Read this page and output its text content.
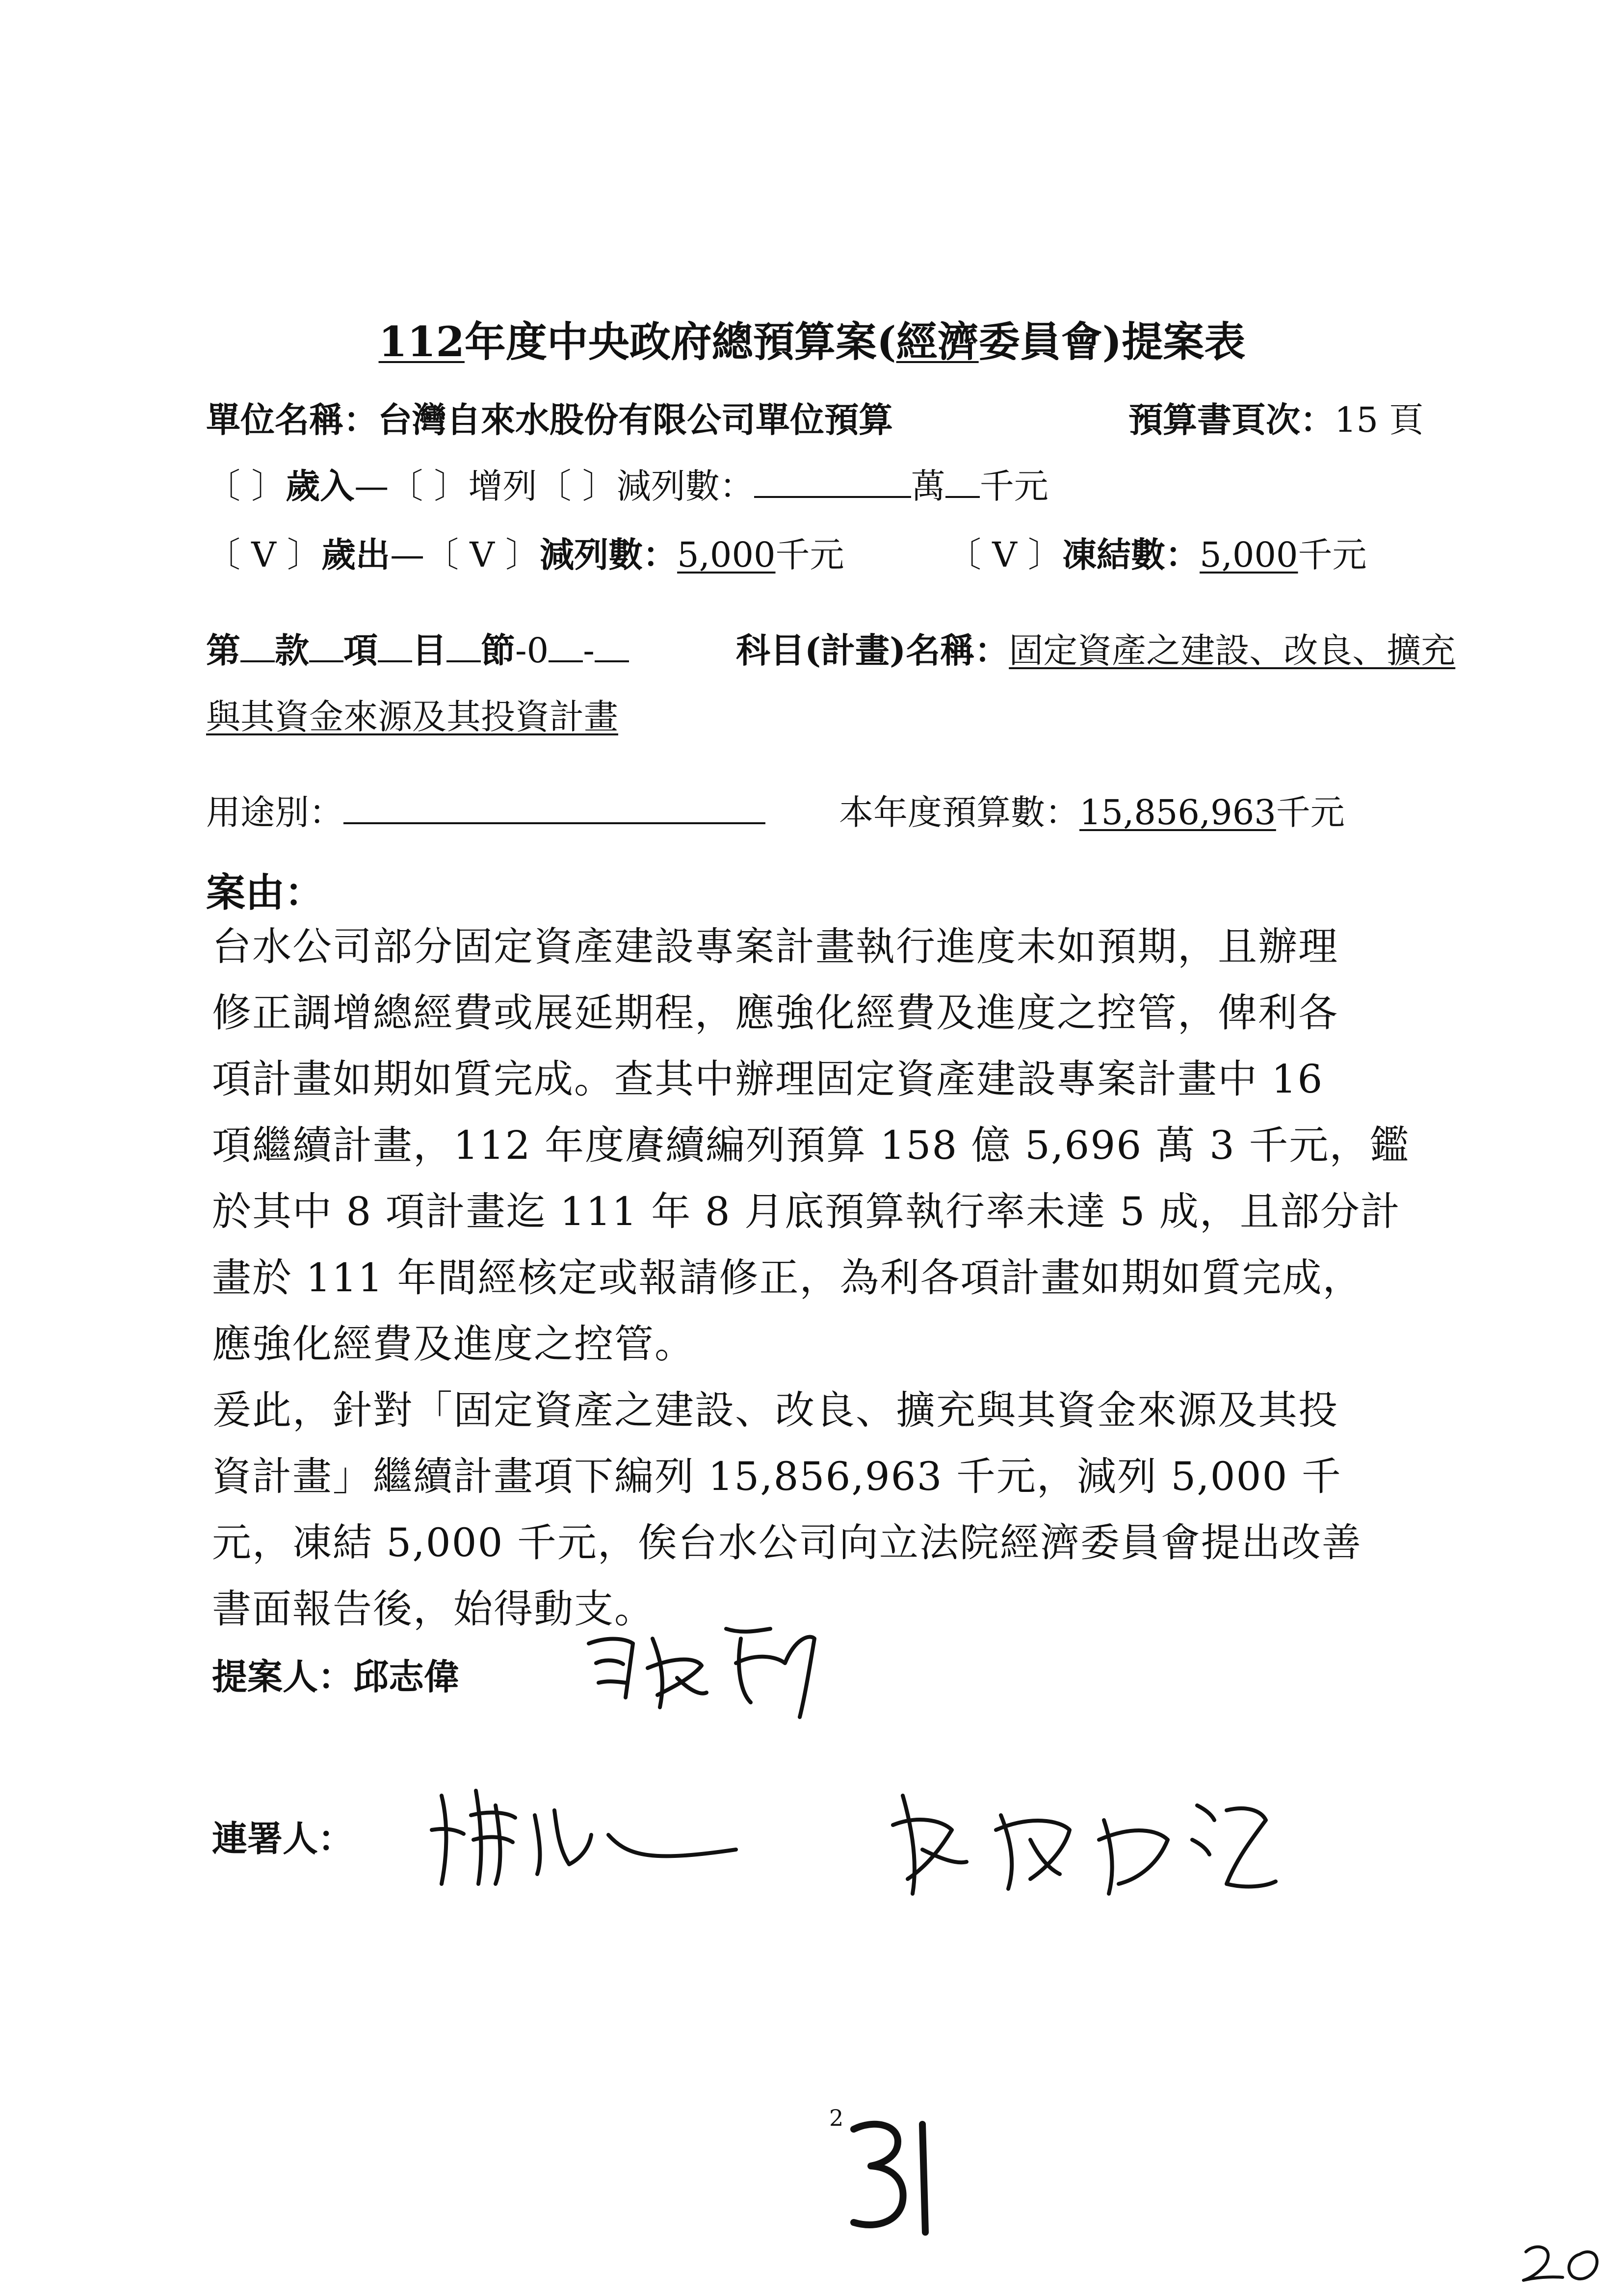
112年度中央政府總預算案(經濟委員會)提案表
單位名稱：台灣自來水股份有限公司單位預算	預算書頁次：15 頁
〔 〕歲入—〔 〕增列〔 〕減列數：	萬 千元
〔 V 〕歲出—〔 V 〕減列數：5,000千元	〔 V 〕凍結數：5,000千元
第 款 項 目 節-0 -	科目(計畫)名稱：固定資產之建設、改良、擴充
與其資金來源及其投資計畫
用途別：	本年度預算數：15,856,963千元
案由：
台水公司部分固定資產建設專案計畫執行進度未如預期，且辦理
修正調增總經費或展延期程，應強化經費及進度之控管，俾利各
項計畫如期如質完成。查其中辦理固定資產建設專案計畫中 16
項繼續計畫，112 年度賡續編列預算 158 億 5,696 萬 3 千元，鑑
於其中 8 項計畫迄 111 年 8 月底預算執行率未達 5 成，且部分計
畫於 111 年間經核定或報請修正，為利各項計畫如期如質完成，
應強化經費及進度之控管。
爰此，針對「固定資產之建設、改良、擴充與其資金來源及其投
資計畫」繼續計畫項下編列 15,856,963 千元，減列 5,000 千
元，凍結 5,000 千元，俟台水公司向立法院經濟委員會提出改善
書面報告後，始得動支。
提案人：邱志偉
連署人：
2
